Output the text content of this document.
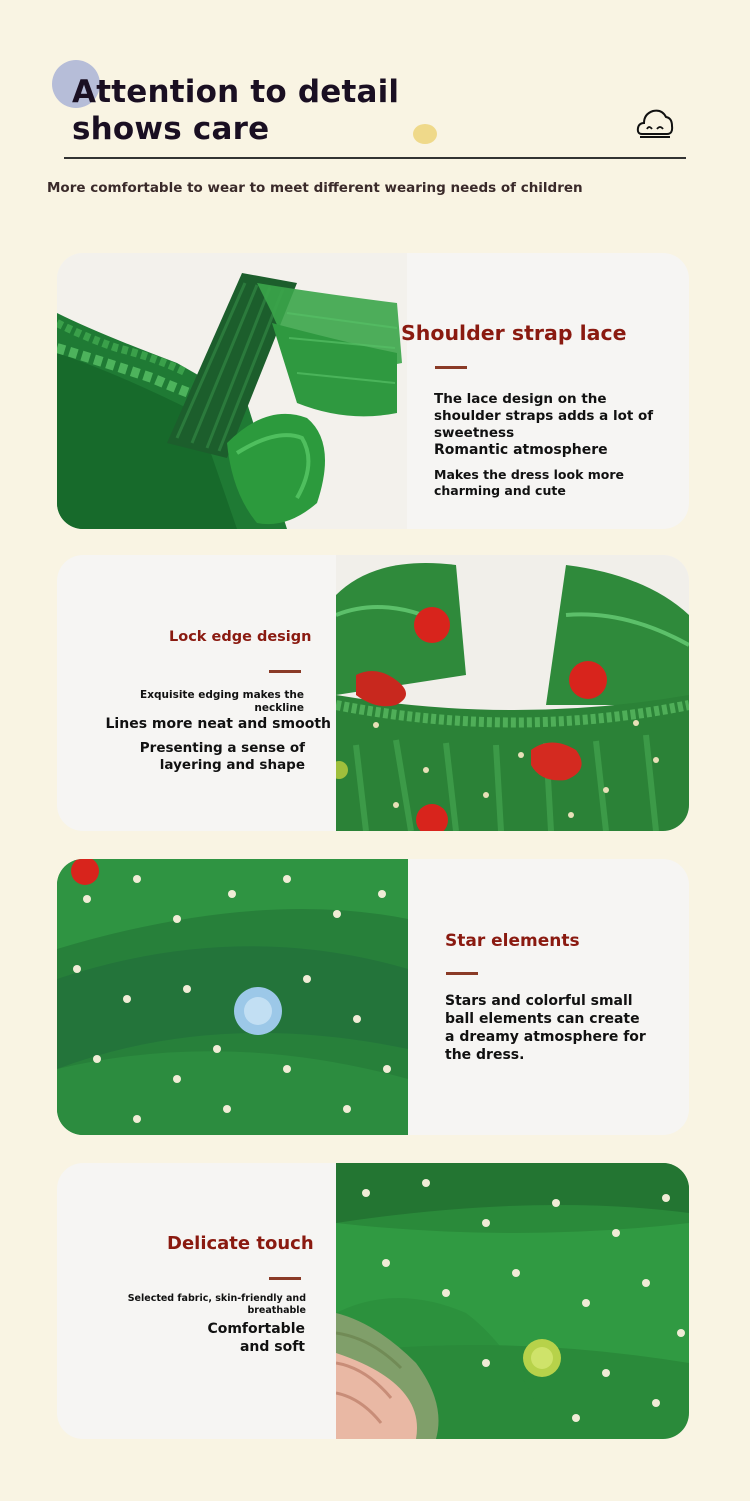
Attention to detail
shows care

More comfortable to wear to meet different wearing needs of children

Shoulder strap lace

The lace design on the shoulder straps adds a lot of sweetness

Romantic atmosphere

Makes the dress look more charming and cute

Lock edge design

Exquisite edging makes the neckline

Lines more neat and smooth

Presenting a sense of layering and shape

Star elements

Stars and colorful small ball elements can create a dreamy atmosphere for the dress.

Delicate touch

Selected fabric, skin-friendly and breathable

Comfortable and soft
